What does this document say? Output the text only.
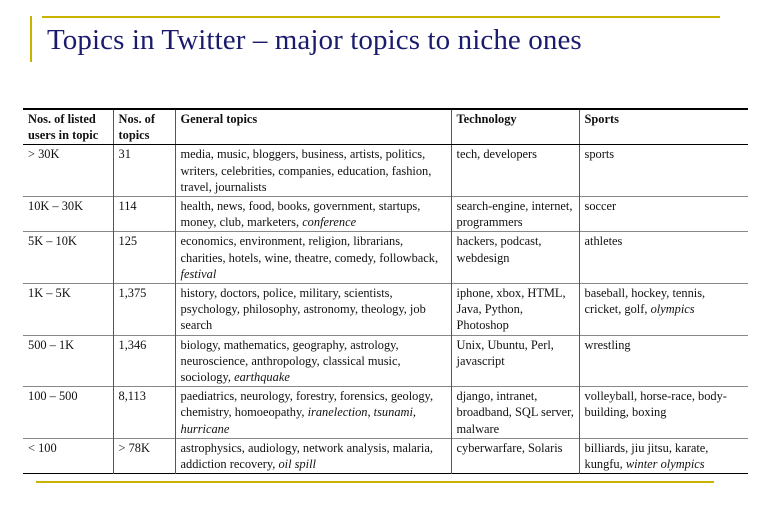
Topics in Twitter – major topics to niche ones
Nos. of listed users in topic	Nos. of topics	General topics	Technology	Sports
> 30K	31	media, music, bloggers, business, artists, politics, writers, celebrities, companies, education, fashion, travel, journalists	tech, developers	sports
10K – 30K	114	health, news, food, books, government, startups, money, club, marketers, conference	search-engine, internet, programmers	soccer
5K – 10K	125	economics, environment, religion, librarians, charities, hotels, wine, theatre, comedy, followback, festival	hackers, podcast, webdesign	athletes
1K – 5K	1,375	history, doctors, police, military, scientists, psychology, philosophy, astronomy, theology, job search	iphone, xbox, HTML, Java, Python, Photoshop	baseball, hockey, tennis, cricket, golf, olympics
500 – 1K	1,346	biology, mathematics, geography, astrology, neuroscience, anthropology, classical music, sociology, earthquake	Unix, Ubuntu, Perl, javascript	wrestling
100 – 500	8,113	paediatrics, neurology, forestry, forensics, geology, chemistry, homoeopathy, iranelection, tsunami, hurricane	django, intranet, broadband, SQL server, malware	volleyball, horse-race, body-building, boxing
< 100	> 78K	astrophysics, audiology, network analysis, malaria, addiction recovery, oil spill	cyberwarfare, Solaris	billiards, jiu jitsu, karate, kungfu, winter olympics
